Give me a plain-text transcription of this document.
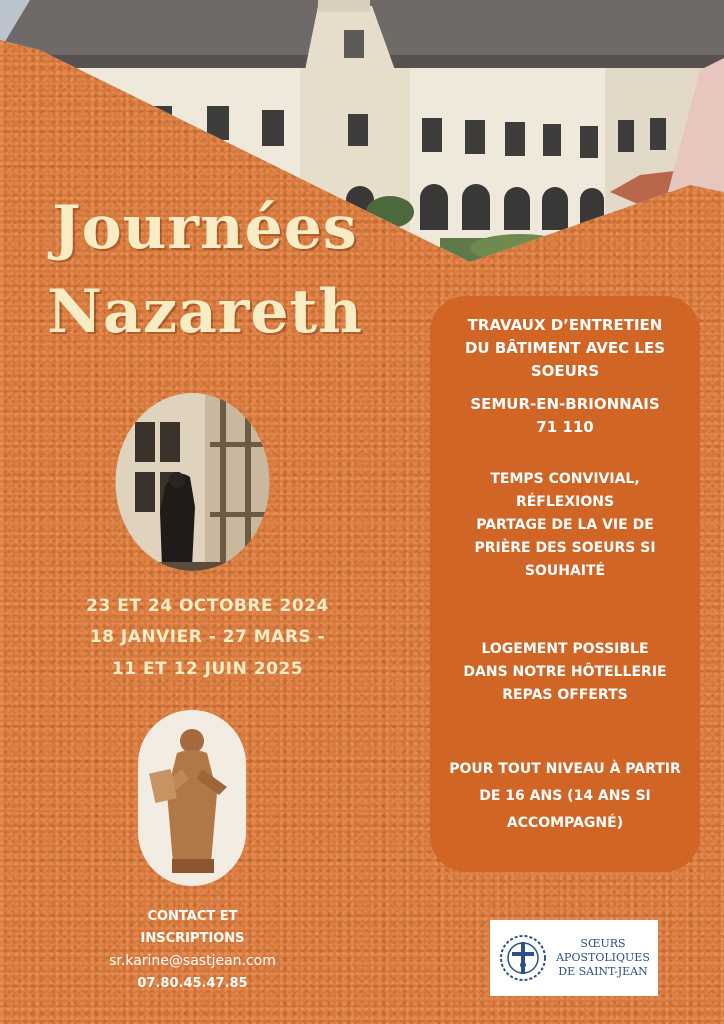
Journées
Nazareth
23 ET 24 OCTOBRE 2024
18 JANVIER - 27 MARS -
11 ET 12 JUIN 2025
CONTACT ET
INSCRIPTIONS
sr.karine@sastjean.com
07.80.45.47.85
TRAVAUX D’ENTRETIEN
DU BÂTIMENT AVEC LES
SOEURS
SEMUR-EN-BRIONNAIS
71 110
TEMPS CONVIVIAL,
RÉFLEXIONS
PARTAGE DE LA VIE DE
PRIÈRE DES SOEURS SI
SOUHAITÉ
LOGEMENT POSSIBLE
DANS NOTRE HÔTELLERIE
REPAS OFFERTS
POUR TOUT NIVEAU À PARTIR
DE 16 ANS (14 ANS SI
ACCOMPAGNÉ)
SŒURS
APOSTOLIQUES
DE SAINT-JEAN
